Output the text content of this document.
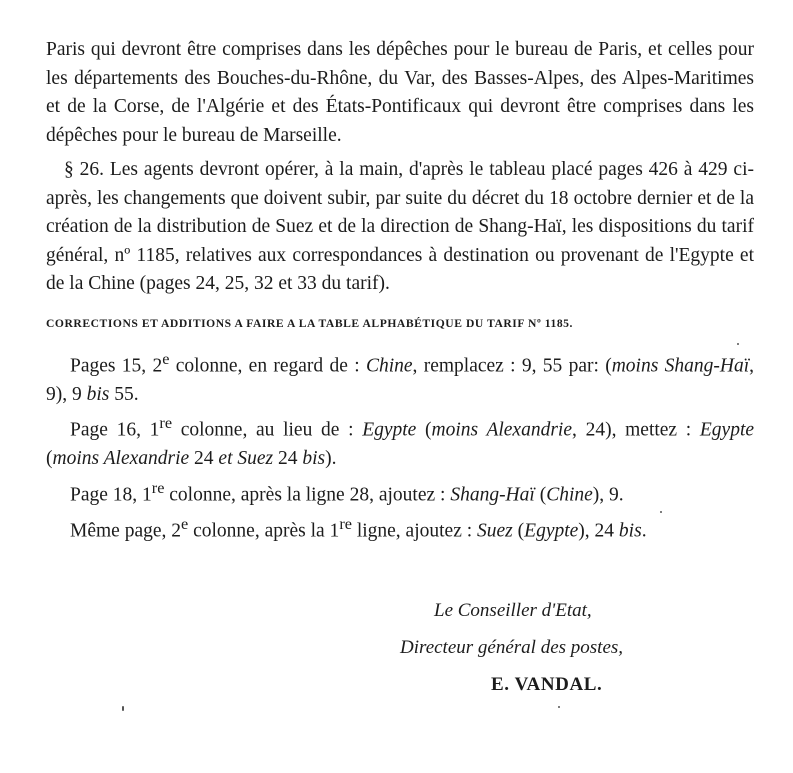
Paris qui devront être comprises dans les dépêches pour le bureau de Paris, et celles pour les départements des Bouches-du-Rhône, du Var, des Basses-Alpes, des Alpes-Maritimes et de la Corse, de l'Algérie et des États-Pontificaux qui devront être comprises dans les dépêches pour le bureau de Marseille.

§ 26. Les agents devront opérer, à la main, d'après le tableau placé pages 426 à 429 ci-après, les changements que doivent subir, par suite du décret du 18 octobre dernier et de la création de la distribution de Suez et de la direction de Shang-Haï, les dispositions du tarif général, nº 1185, relatives aux correspondances à destination ou provenant de l'Egypte et de la Chine (pages 24, 25, 32 et 33 du tarif).

CORRECTIONS ET ADDITIONS A FAIRE A LA TABLE ALPHABÉTIQUE DU TARIF Nº 1185.

Pages 15, 2e colonne, en regard de : Chine, remplacez : 9, 55 par: (moins Shang-Haï, 9), 9 bis 55.

Page 16, 1re colonne, au lieu de : Egypte (moins Alexandrie, 24), mettez : Egypte (moins Alexandrie 24 et Suez 24 bis).

Page 18, 1re colonne, après la ligne 28, ajoutez : Shang-Haï (Chine), 9.

Même page, 2e colonne, après la 1re ligne, ajoutez : Suez (Egypte), 24 bis.

Le Conseiller d'Etat,
Directeur général des postes,
E. VANDAL.
